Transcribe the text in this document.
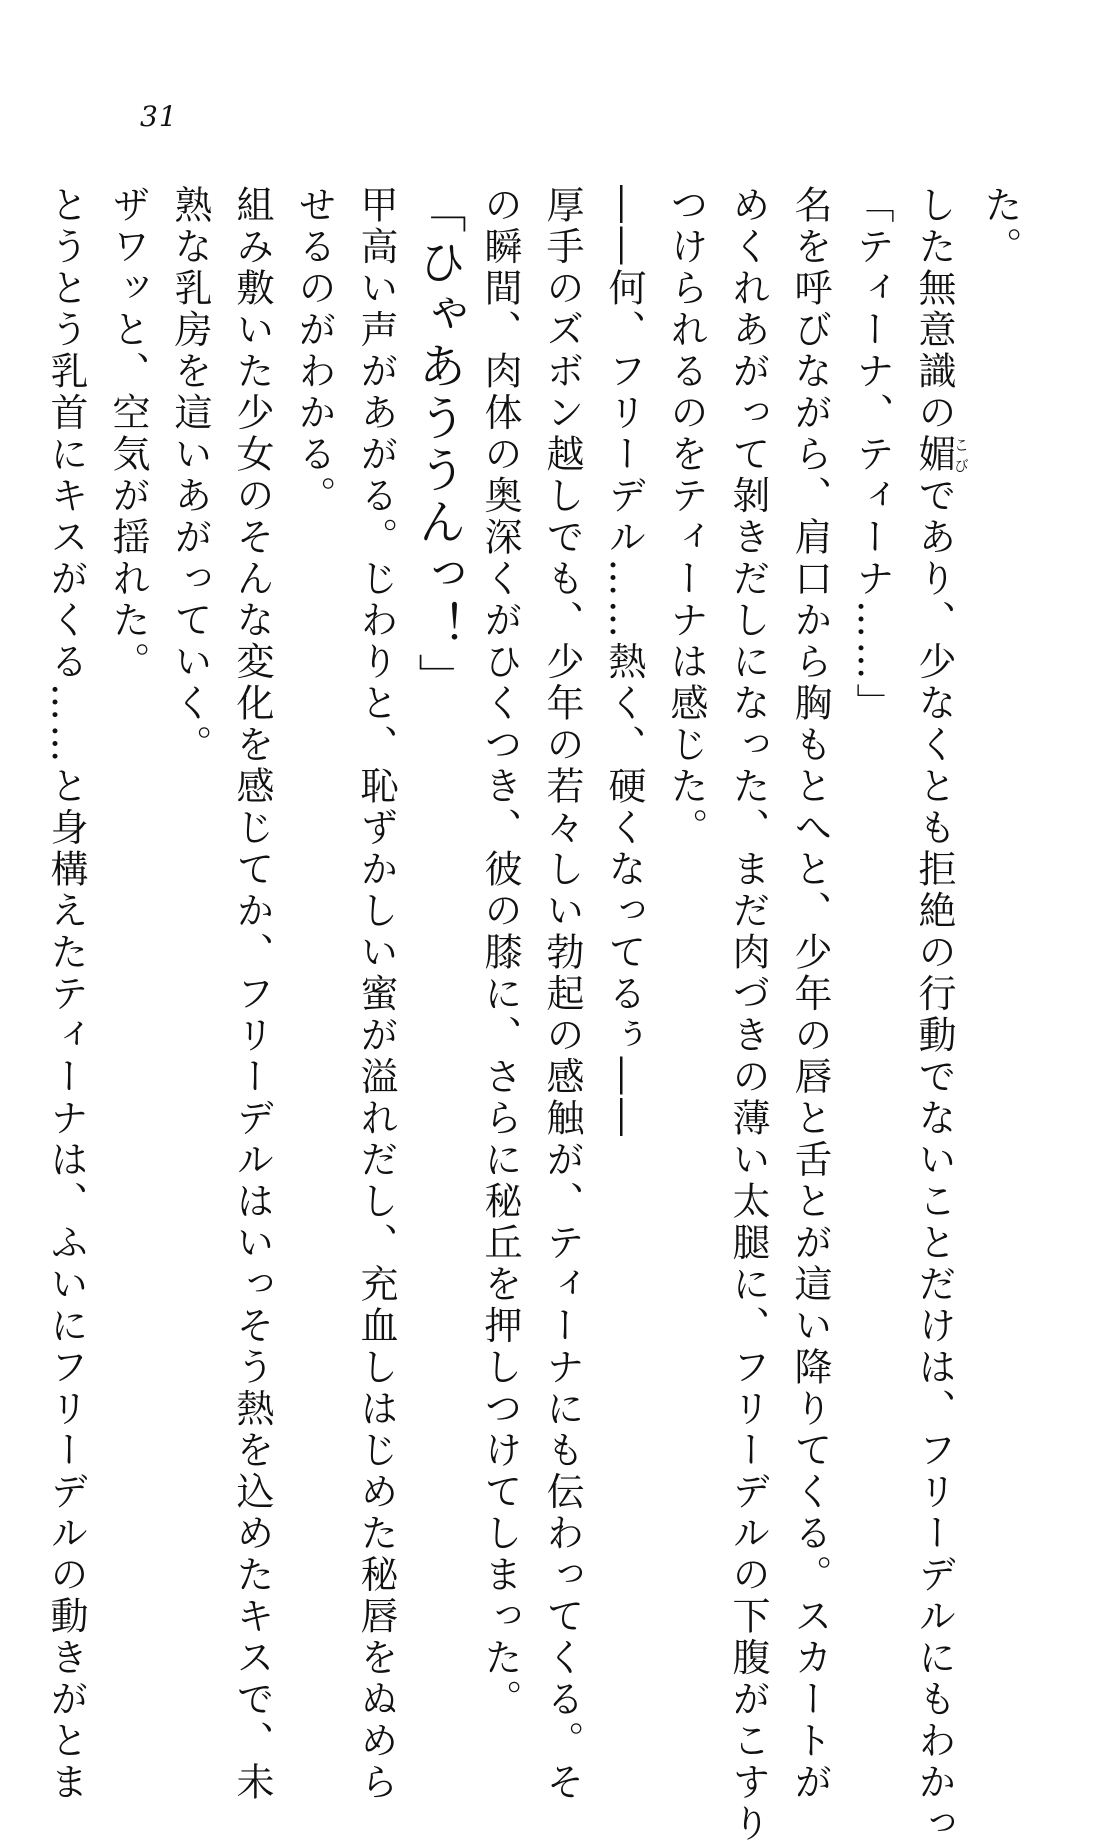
31
た。
した無意識の媚こびであり、少なくとも拒絶の行動でないことだけは、フリーデルにもわかっ
「ティーナ、ティーナ……」
名を呼びながら、肩口から胸もとへと、少年の唇と舌とが這い降りてくる。スカートが
めくれあがって剝きだしになった、まだ肉づきの薄い太腿に、フリーデルの下腹がこすり
つけられるのをティーナは感じた。
――何、フリーデル……熱く、硬くなってるぅ――
厚手のズボン越しでも、少年の若々しい勃起の感触が、ティーナにも伝わってくる。そ
の瞬間、肉体の奥深くがひくつき、彼の膝に、さらに秘丘を押しつけてしまった。
「ひゃあううんっ！」
甲高い声があがる。じわりと、恥ずかしい蜜が溢れだし、充血しはじめた秘唇をぬめら
せるのがわかる。
組み敷いた少女のそんな変化を感じてか、フリーデルはいっそう熱を込めたキスで、未
熟な乳房を這いあがっていく。
ザワッと、空気が揺れた。
とうとう乳首にキスがくる……と身構えたティーナは、ふいにフリーデルの動きがとま
